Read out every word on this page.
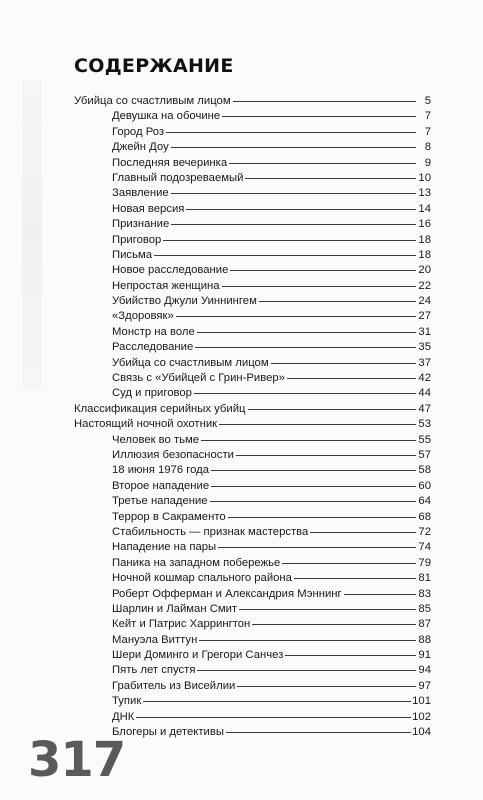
СОДЕРЖАНИЕ
Убийца со счастливым лицом	5
Девушка на обочине	7
Город Роз	7
Джейн Доу	8
Последняя вечеринка	9
Главный подозреваемый	10
Заявление	13
Новая версия	14
Признание	16
Приговор	18
Письма	18
Новое расследование	20
Непростая женщина	22
Убийство Джули Уиннингем	24
«Здоровяк»	27
Монстр на воле	31
Расследование	35
Убийца со счастливым лицом	37
Связь с «Убийцей с Грин-Ривер»	42
Суд и приговор	44
Классификация серийных убийц	47
Настоящий ночной охотник	53
Человек во тьме	55
Иллюзия безопасности	57
18 июня 1976 года	58
Второе нападение	60
Третье нападение	64
Террор в Сакраменто	68
Стабильность — признак мастерства	72
Нападение на пары	74
Паника на западном побережье	79
Ночной кошмар спального района	81
Роберт Офферман и Александрия Мэннинг	83
Шарлин и Лайман Смит	85
Кейт и Патрис Харрингтон	87
Мануэла Виттун	88
Шери Доминго и Грегори Санчез	91
Пять лет спустя	94
Грабитель из Висейлии	97
Тупик	101
ДНК	102
Блогеры и детективы	104
317
